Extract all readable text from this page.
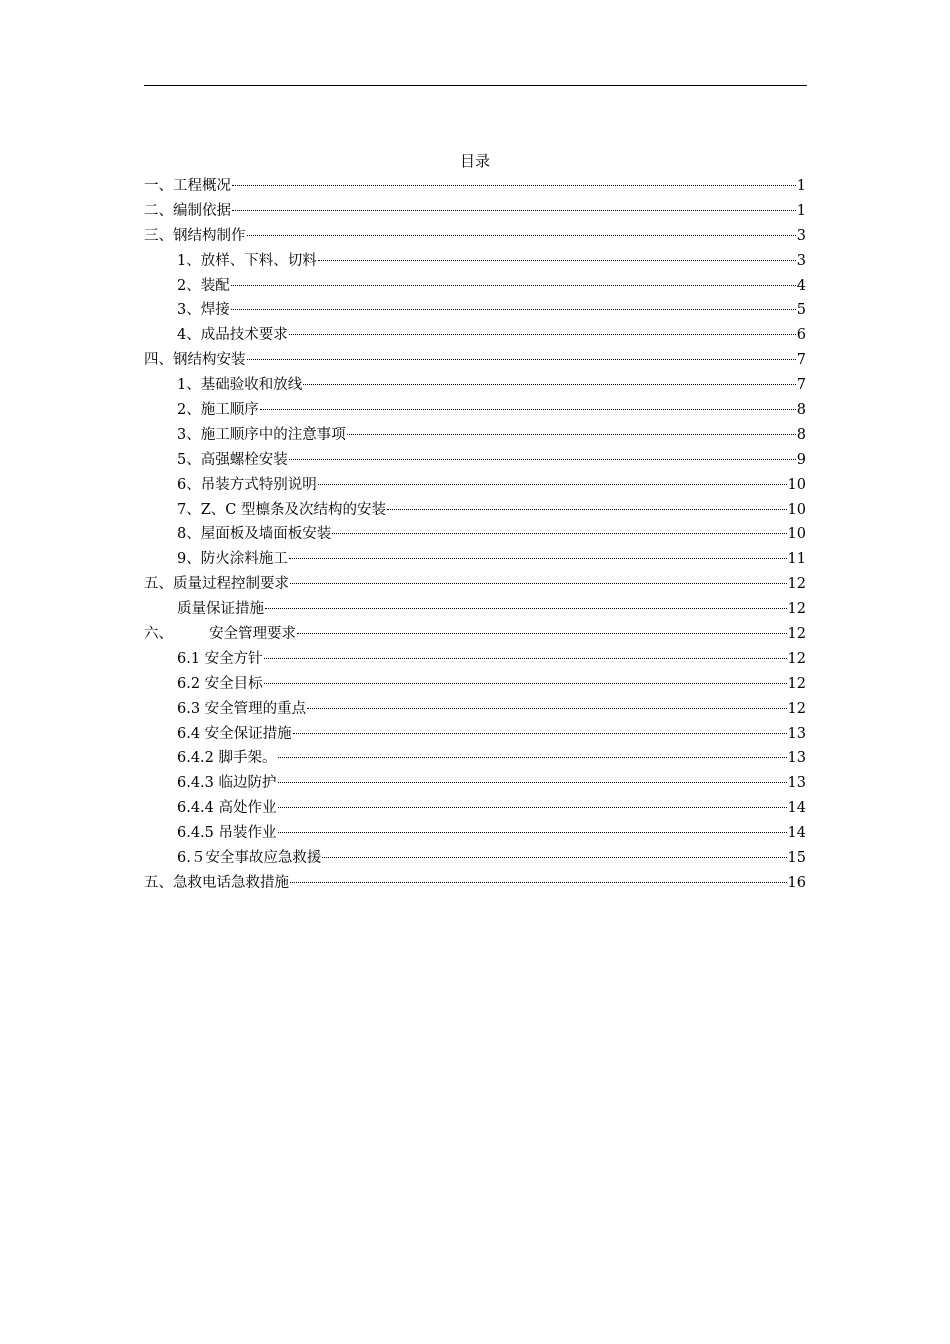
目录
一、工程概况	1
二、编制依据	1
三、钢结构制作	3
1、放样、下料、切料	3
2、装配	4
3、焊接	5
4、成品技术要求	6
四、钢结构安装	7
1、基础验收和放线	7
2、施工顺序	8
3、施工顺序中的注意事项	8
5、高强螺栓安装	9
6、吊装方式特别说明	10
7、Z、C 型檩条及次结构的安装	10
8、屋面板及墙面板安装	10
9、防火涂料施工	11
五、质量过程控制要求	12
质量保证措施	12
六、 安全管理要求	12
6.1 安全方针	12
6.2 安全目标	12
6.3 安全管理的重点	12
6.4 安全保证措施	13
6.4.2 脚手架。	13
6.4.3 临边防护	13
6.4.4 高处作业	14
6.4.5 吊装作业	14
6.５安全事故应急救援	15
五、急救电话急救措施	16
